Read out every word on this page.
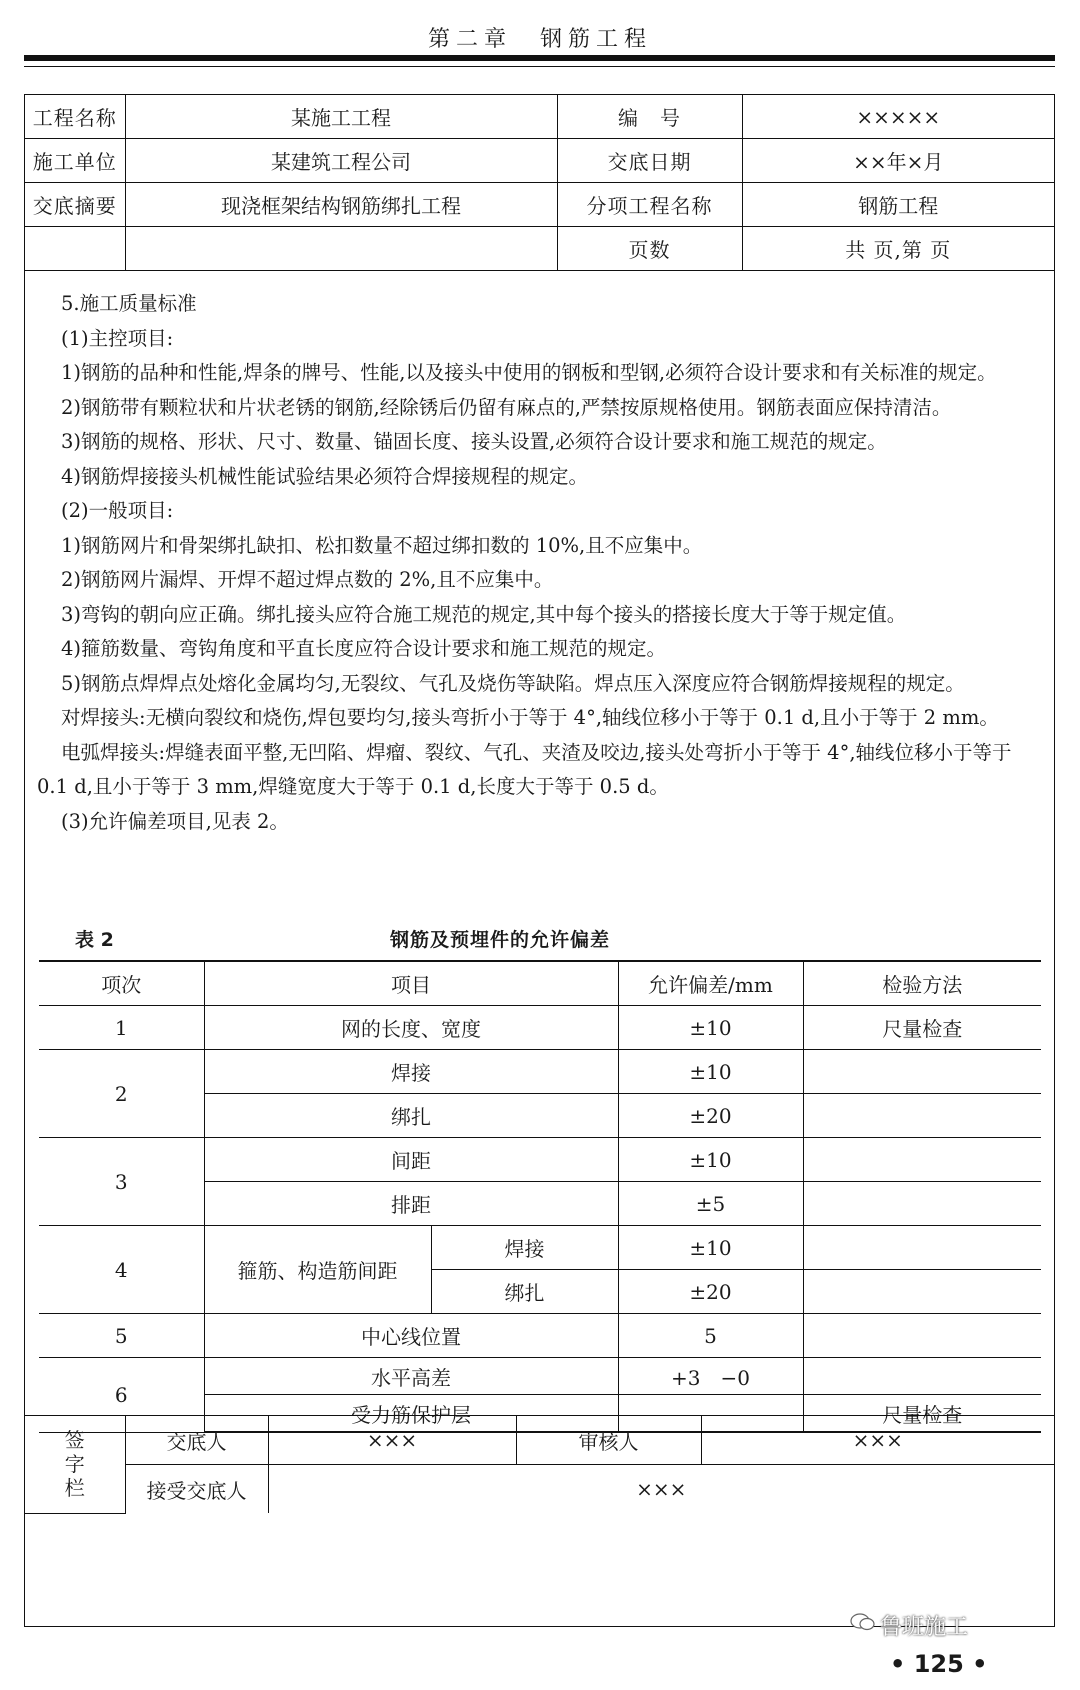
第二章　钢筋工程
工程名称	某施工工程	编　号	×××××
施工单位	某建筑工程公司	交底日期	××年×月
交底摘要	现浇框架结构钢筋绑扎工程	分项工程名称	钢筋工程
		页数	共 页,第 页

5.施工质量标准

(1)主控项目:

1)钢筋的品种和性能,焊条的牌号、性能,以及接头中使用的钢板和型钢,必须符合设计要求和有关标准的规定。

2)钢筋带有颗粒状和片状老锈的钢筋,经除锈后仍留有麻点的,严禁按原规格使用。钢筋表面应保持清洁。

3)钢筋的规格、形状、尺寸、数量、锚固长度、接头设置,必须符合设计要求和施工规范的规定。

4)钢筋焊接接头机械性能试验结果必须符合焊接规程的规定。

(2)一般项目:

1)钢筋网片和骨架绑扎缺扣、松扣数量不超过绑扣数的 10%,且不应集中。

2)钢筋网片漏焊、开焊不超过焊点数的 2%,且不应集中。

3)弯钩的朝向应正确。绑扎接头应符合施工规范的规定,其中每个接头的搭接长度大于等于规定值。

4)箍筋数量、弯钩角度和平直长度应符合设计要求和施工规范的规定。

5)钢筋点焊焊点处熔化金属均匀,无裂纹、气孔及烧伤等缺陷。焊点压入深度应符合钢筋焊接规程的规定。

对焊接头:无横向裂纹和烧伤,焊包要均匀,接头弯折小于等于 4°,轴线位移小于等于 0.1 d,且小于等于 2 mm。

电弧焊接头:焊缝表面平整,无凹陷、焊瘤、裂纹、气孔、夹渣及咬边,接头处弯折小于等于 4°,轴线位移小于等于 0.1 d,且小于等于 3 mm,焊缝宽度大于等于 0.1 d,长度大于等于 0.5 d。

(3)允许偏差项目,见表 2。

表 2	钢筋及预埋件的允许偏差
项次	项目		允许偏差/mm	检验方法
1	网的长度、宽度		±10	尺量检查
2	焊接		±10	
	绑扎		±20	
3	间距		±10	
	排距		±5	
4	箍筋、构造筋间距	焊接	±10	
		绑扎	±20	
5	中心线位置		5	
6	水平高差		+3　−0	
	受力筋保护层			尺量检查
签字栏	交底人	×××	审核人	×××
	接受交底人	×××		
鲁班施工
• 125 •
